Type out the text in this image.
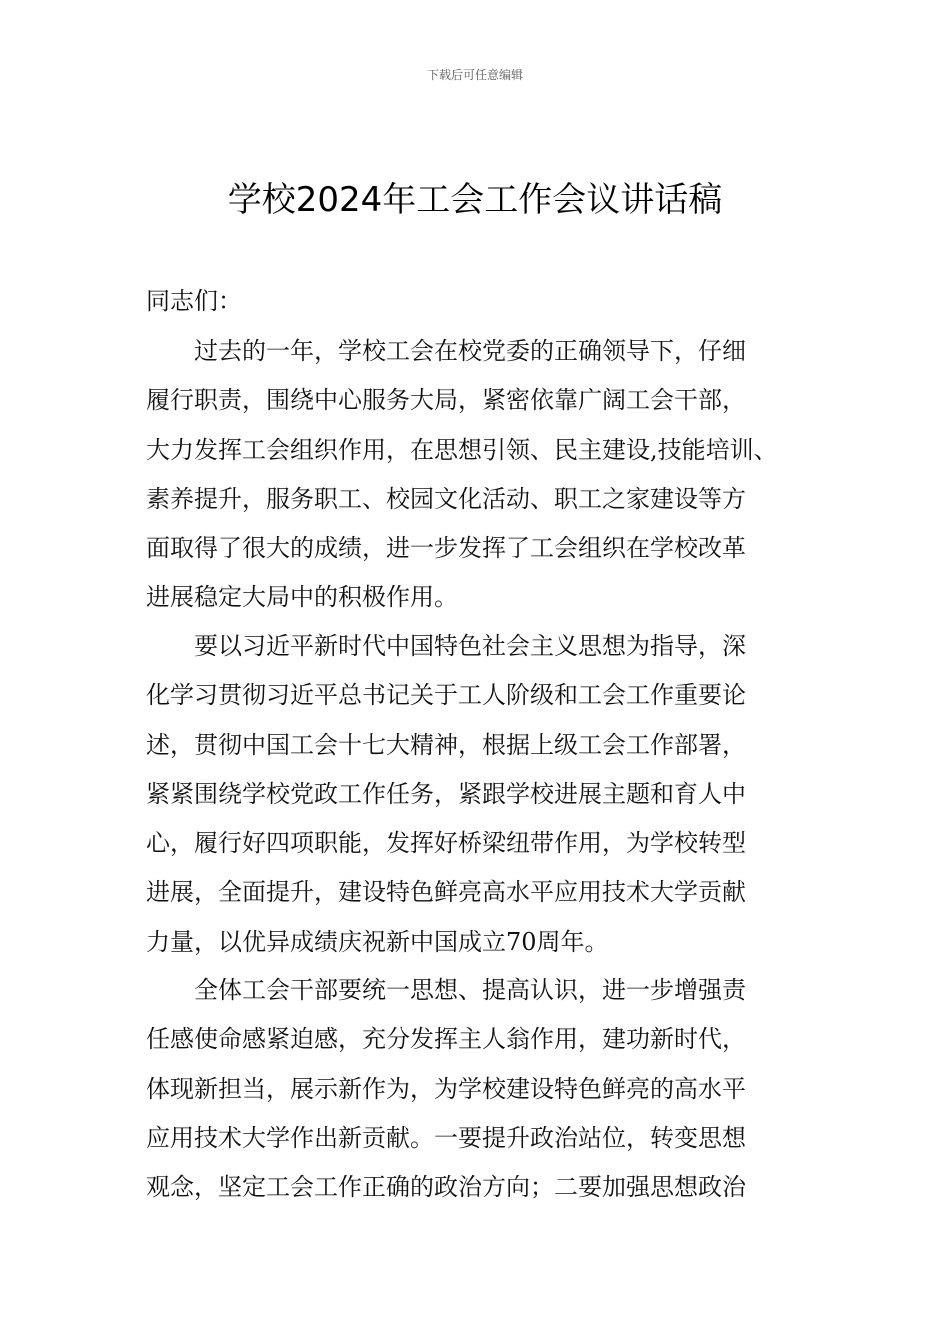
下载后可任意编辑
学校2024年工会工作会议讲话稿
同志们：

过去的一年，学校工会在校党委的正确领导下，仔细
履行职责，围绕中心服务大局，紧密依靠广阔工会干部，
大力发挥工会组织作用，在思想引领、民主建设,技能培训、
素养提升，服务职工、校园文化活动、职工之家建设等方
面取得了很大的成绩，进一步发挥了工会组织在学校改革
进展稳定大局中的积极作用。

要以习近平新时代中国特色社会主义思想为指导，深
化学习贯彻习近平总书记关于工人阶级和工会工作重要论
述，贯彻中国工会十七大精神，根据上级工会工作部署，
紧紧围绕学校党政工作任务，紧跟学校进展主题和育人中
心，履行好四项职能，发挥好桥梁纽带作用，为学校转型
进展，全面提升，建设特色鲜亮高水平应用技术大学贡献
力量，以优异成绩庆祝新中国成立70周年。

全体工会干部要统一思想、提高认识，进一步增强责
任感使命感紧迫感，充分发挥主人翁作用，建功新时代，
体现新担当，展示新作为，为学校建设特色鲜亮的高水平
应用技术大学作出新贡献。一要提升政治站位，转变思想
观念，坚定工会工作正确的政治方向；二要加强思想政治
